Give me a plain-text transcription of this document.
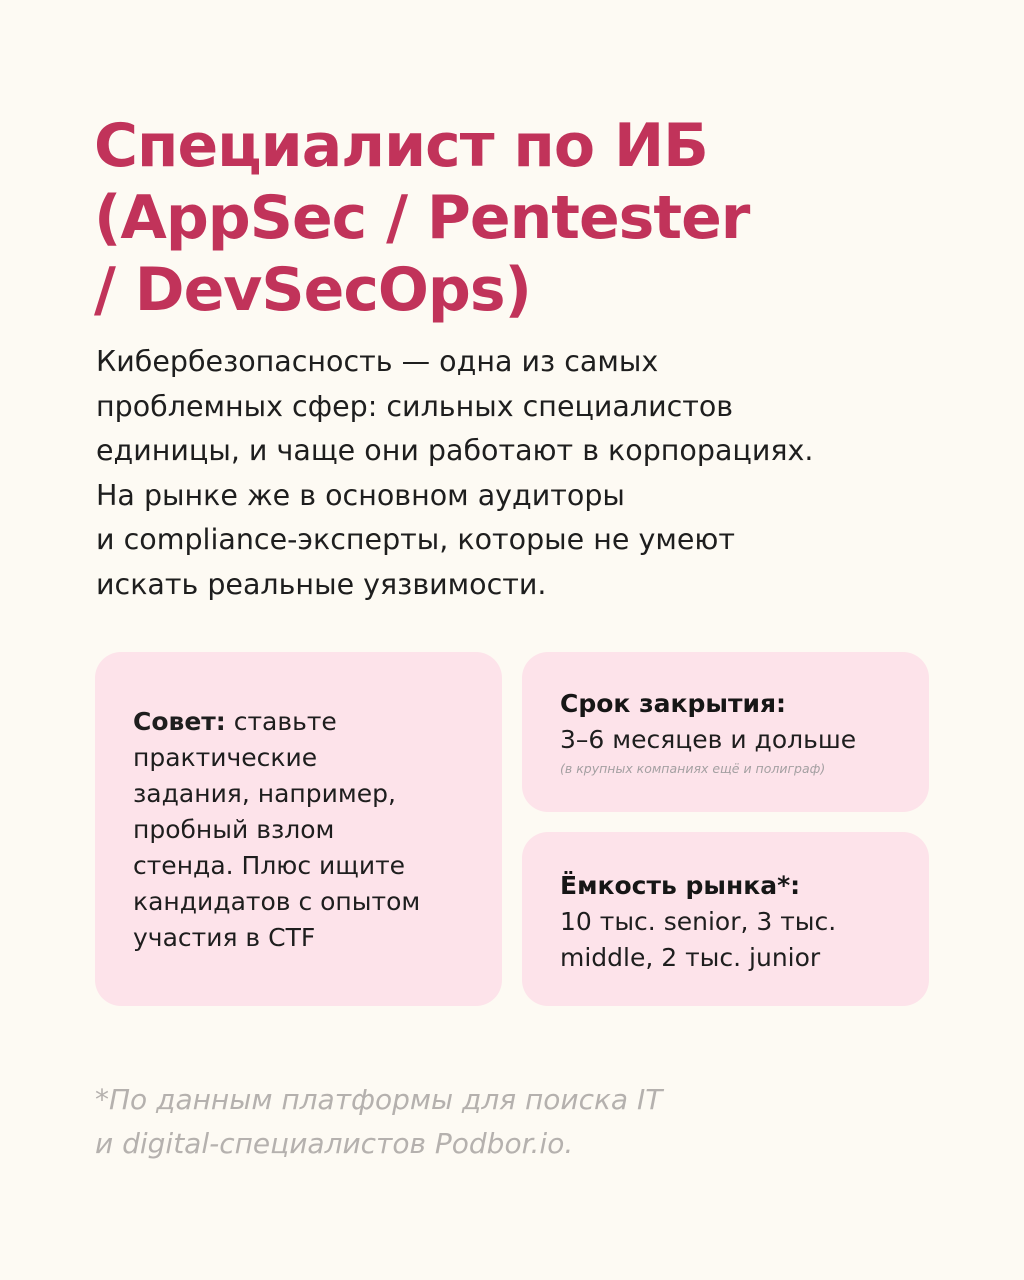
Специалист по ИБ
(AppSec / Pentester
/ DevSecOps)

Кибербезопасность — одна из самых
проблемных сфер: сильных специалистов
единицы, и чаще они работают в корпорациях.
На рынке же в основном аудиторы
и compliance-эксперты, которые не умеют
искать реальные уязвимости.

Совет: ставьте
практические
задания, например,
пробный взлом
стенда. Плюс ищите
кандидатов с опытом
участия в CTF
Срок закрытия:
3–6 месяцев и дольше
(в крупных компаниях ещё и полиграф)
Ёмкость рынка*:
10 тыс. senior, 3 тыс.
middle, 2 тыс. junior

*По данным платформы для поиска IT
и digital-специалистов Podbor.io.
